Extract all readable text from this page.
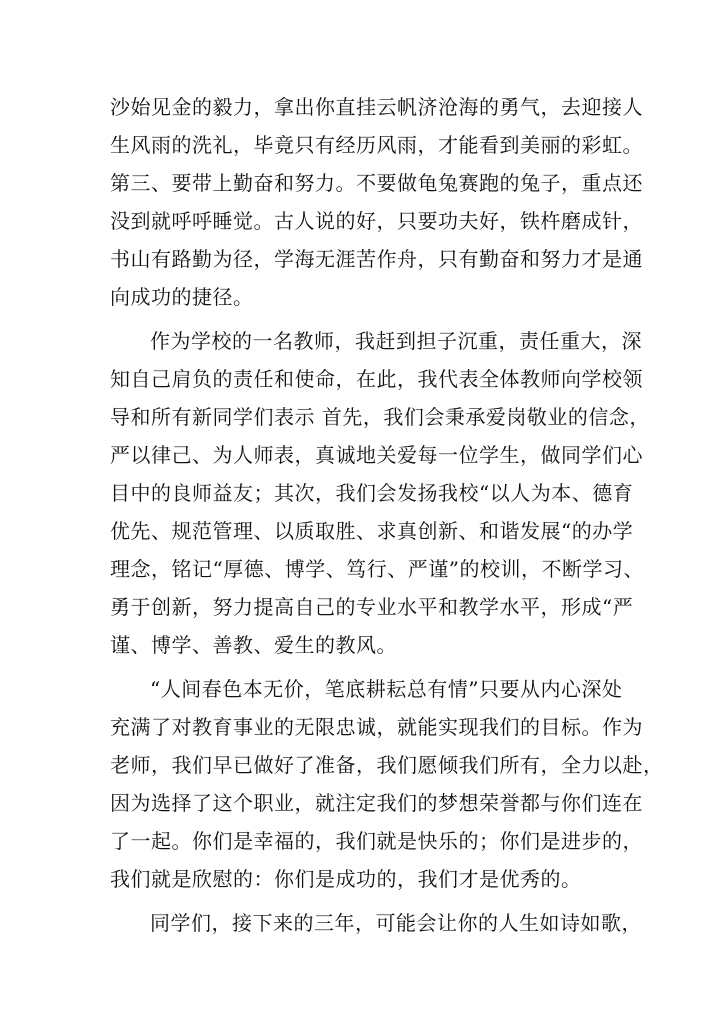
沙始见金的毅力，拿出你直挂云帆济沧海的勇气，去迎接人
生风雨的洗礼，毕竟只有经历风雨，才能看到美丽的彩虹。
第三、要带上勤奋和努力。不要做龟兔赛跑的兔子，重点还
没到就呼呼睡觉。古人说的好，只要功夫好，铁杵磨成针，
书山有路勤为径，学海无涯苦作舟，只有勤奋和努力才是通
向成功的捷径。
作为学校的一名教师，我赶到担子沉重，责任重大，深
知自己肩负的责任和使命，在此，我代表全体教师向学校领
导和所有新同学们表示 首先，我们会秉承爱岗敬业的信念，
严以律己、为人师表，真诚地关爱每一位学生，做同学们心
目中的良师益友；其次，我们会发扬我校“以人为本、德育
优先、规范管理、以质取胜、求真创新、和谐发展“的办学
理念，铭记“厚德、博学、笃行、严谨”的校训，不断学习、
勇于创新，努力提高自己的专业水平和教学水平，形成“严
谨、博学、善教、爱生的教风。
“人间春色本无价，笔底耕耘总有情”只要从内心深处
充满了对教育事业的无限忠诚，就能实现我们的目标。作为
老师，我们早已做好了准备，我们愿倾我们所有，全力以赴，
因为选择了这个职业，就注定我们的梦想荣誉都与你们连在
了一起。你们是幸福的，我们就是快乐的；你们是进步的，
我们就是欣慰的：你们是成功的，我们才是优秀的。
同学们，接下来的三年，可能会让你的人生如诗如歌，
